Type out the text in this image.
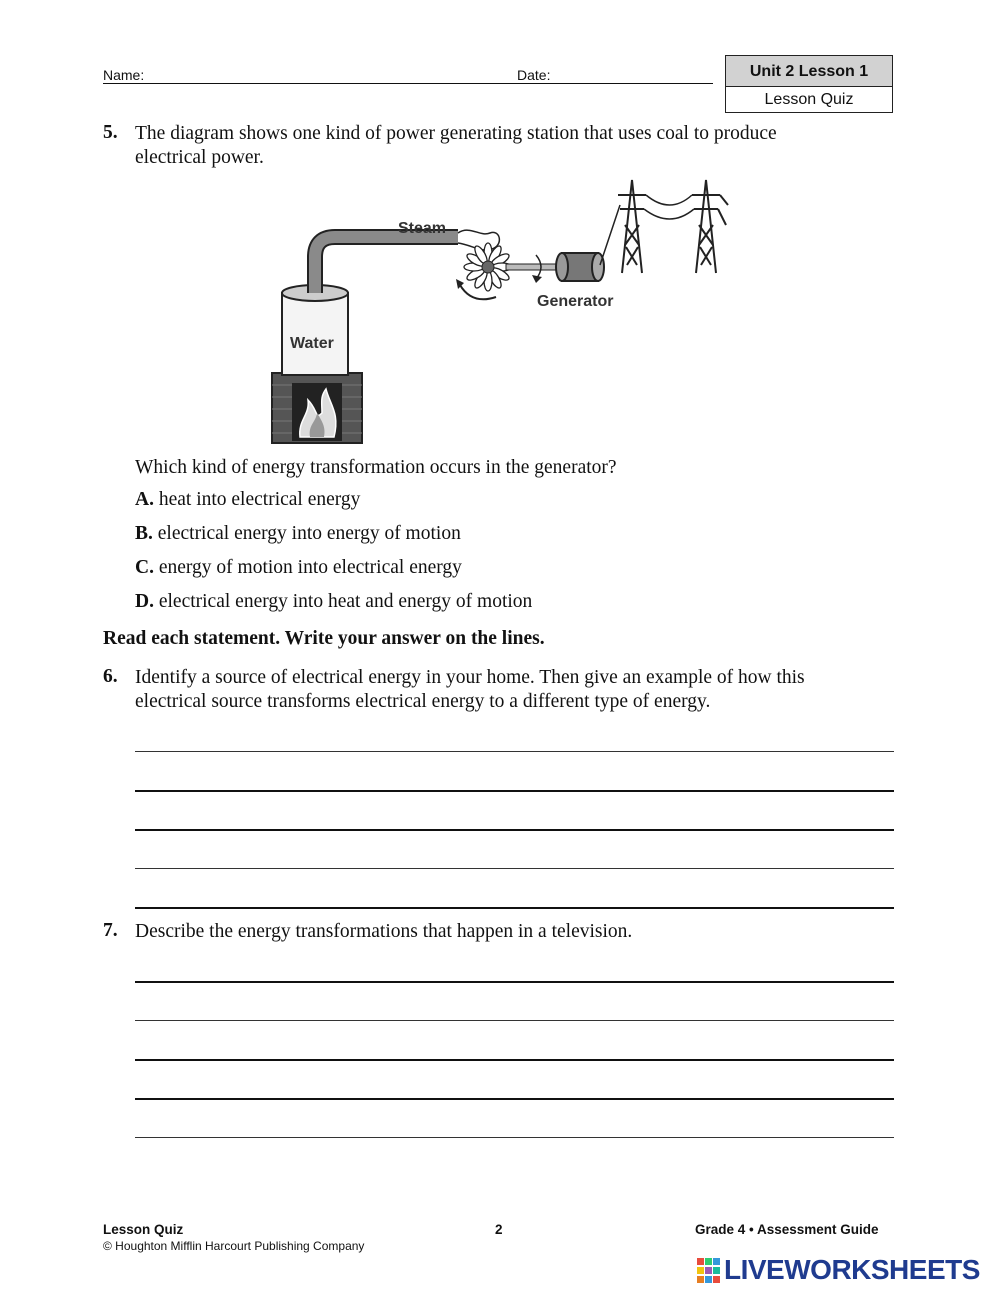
Name:	Date:	Unit 2 Lesson 1
Lesson Quiz
5. The diagram shows one kind of power generating station that uses coal to produce
electrical power.
Steam
Generator
Water
Which kind of energy transformation occurs in the generator?
A. heat into electrical energy
B. electrical energy into energy of motion
C. energy of motion into electrical energy
D. electrical energy into heat and energy of motion
Read each statement. Write your answer on the lines.
6. Identify a source of electrical energy in your home. Then give an example of how this
electrical source transforms electrical energy to a different type of energy.
7. Describe the energy transformations that happen in a television.
Lesson Quiz	2	Grade 4 • Assessment Guide
© Houghton Mifflin Harcourt Publishing Company
LIVEWORKSHEETS
